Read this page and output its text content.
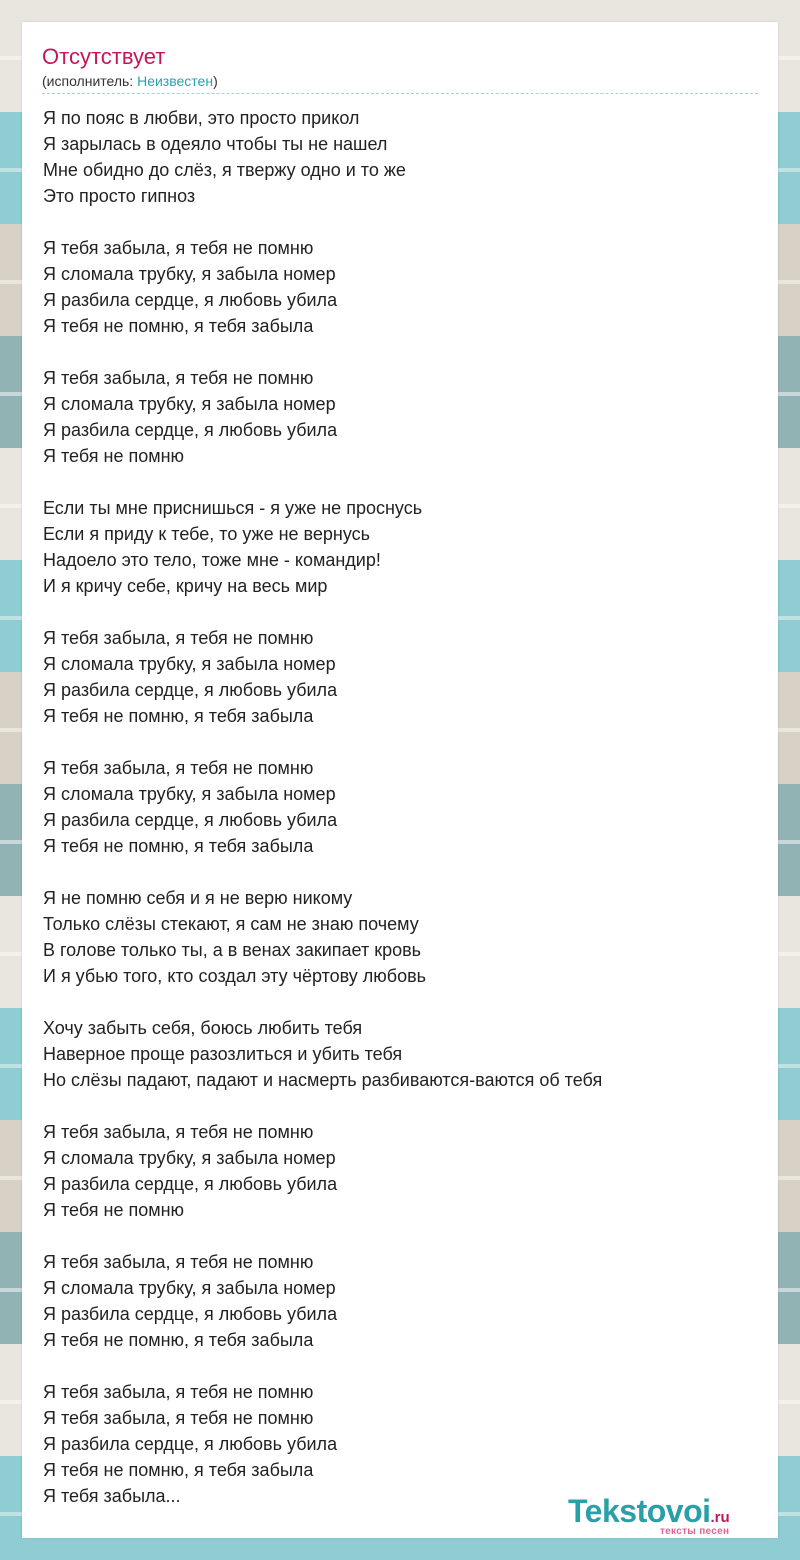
Отсутствует
(исполнитель: Неизвестен)
Я по пояс в любви, это просто прикол
Я зарылась в одеяло чтобы ты не нашел
Мне обидно до слёз, я твержу одно и то же
Это просто гипноз
Я тебя забыла, я тебя не помню
Я сломала трубку, я забыла номер
Я разбила сердце, я любовь убила
Я тебя не помню, я тебя забыла
Я тебя забыла, я тебя не помню
Я сломала трубку, я забыла номер
Я разбила сердце, я любовь убила
Я тебя не помню
Если ты мне приснишься - я уже не проснусь
Если я приду к тебе, то уже не вернусь
Надоело это тело, тоже мне - командир!
И я кричу себе, кричу на весь мир
Я тебя забыла, я тебя не помню
Я сломала трубку, я забыла номер
Я разбила сердце, я любовь убила
Я тебя не помню, я тебя забыла
Я тебя забыла, я тебя не помню
Я сломала трубку, я забыла номер
Я разбила сердце, я любовь убила
Я тебя не помню, я тебя забыла
Я не помню себя и я не верю никому
Только слёзы стекают, я сам не знаю почему
В голове только ты, а в венах закипает кровь
И я убью того, кто создал эту чёртову любовь
Хочу забыть себя, боюсь любить тебя
Наверное проще разозлиться и убить тебя
Но слёзы падают, падают и насмерть разбиваются-ваются об тебя
Я тебя забыла, я тебя не помню
Я сломала трубку, я забыла номер
Я разбила сердце, я любовь убила
Я тебя не помню
Я тебя забыла, я тебя не помню
Я сломала трубку, я забыла номер
Я разбила сердце, я любовь убила
Я тебя не помню, я тебя забыла
Я тебя забыла, я тебя не помню
Я тебя забыла, я тебя не помню
Я разбила сердце, я любовь убила
Я тебя не помню, я тебя забыла
Я тебя забыла...	Tekstovoi.ru
тексты песен
